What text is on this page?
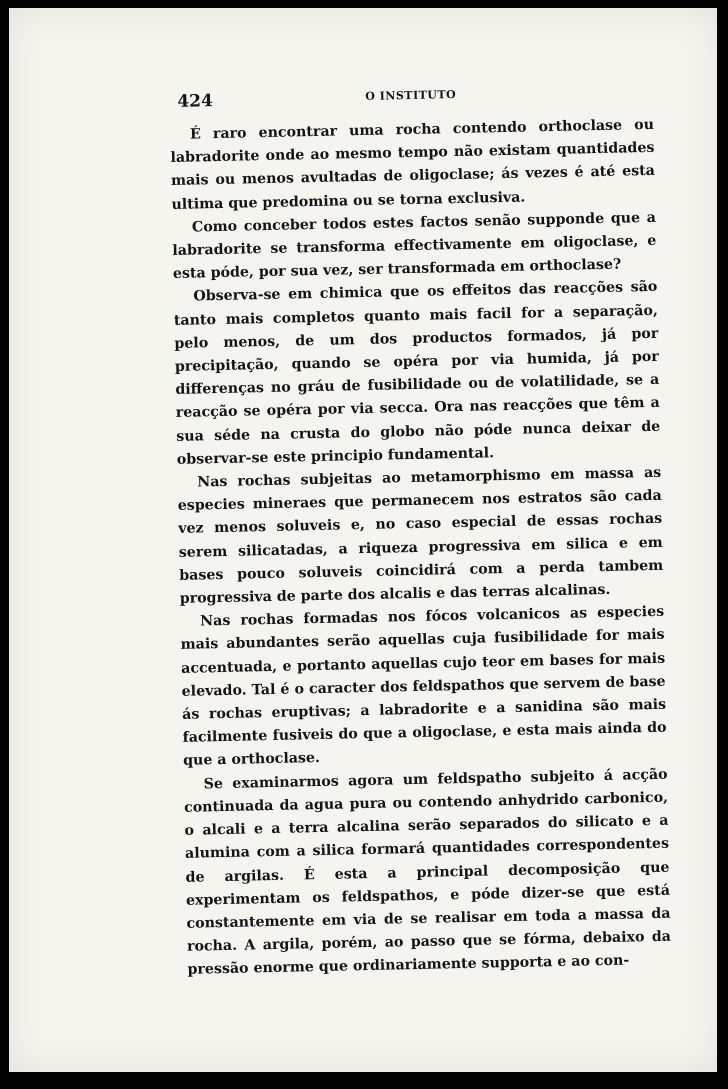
424	O INSTITUTO

É raro encontrar uma rocha contendo orthoclase ou labradorite onde ao mesmo tempo não existam quantidades mais ou menos avultadas de oligoclase; ás vezes é até esta ultima que predomina ou se torna exclusiva.

Como conceber todos estes factos senão supponde que a labradorite se transforma effectivamente em oligoclase, e esta póde, por sua vez, ser transformada em orthoclase?

Observa-se em chimica que os effeitos das reacções são tanto mais completos quanto mais facil for a separação, pelo menos, de um dos productos formados, já por precipitação, quando se opéra por via humida, já por differenças no gráu de fusibilidade ou de volatilidade, se a reacção se opéra por via secca. Ora nas reacções que têm a sua séde na crusta do globo não póde nunca deixar de observar-se este principio fundamental.

Nas rochas subjeitas ao metamorphismo em massa as especies mineraes que permanecem nos estratos são cada vez menos soluveis e, no caso especial de essas rochas serem silicatadas, a riqueza progressiva em silica e em bases pouco soluveis coincidirá com a perda tambem progressiva de parte dos alcalis e das terras alcalinas.

Nas rochas formadas nos fócos volcanicos as especies mais abundantes serão aquellas cuja fusibilidade for mais accentuada, e portanto aquellas cujo teor em bases for mais elevado. Tal é o caracter dos feldspathos que servem de base ás rochas eruptivas; a labradorite e a sanidina são mais facilmente fusiveis do que a oligoclase, e esta mais ainda do que a orthoclase.

Se examinarmos agora um feldspatho subjeito á acção continuada da agua pura ou contendo anhydrido carbonico, o alcali e a terra alcalina serão separados do silicato e a alumina com a silica formará quantidades correspondentes de argilas. É esta a principal decomposição que experimentam os feldspathos, e póde dizer-se que está constantemente em via de se realisar em toda a massa da rocha. A argila, porém, ao passo que se fórma, debaixo da pressão enorme que ordinariamente supporta e ao con-
